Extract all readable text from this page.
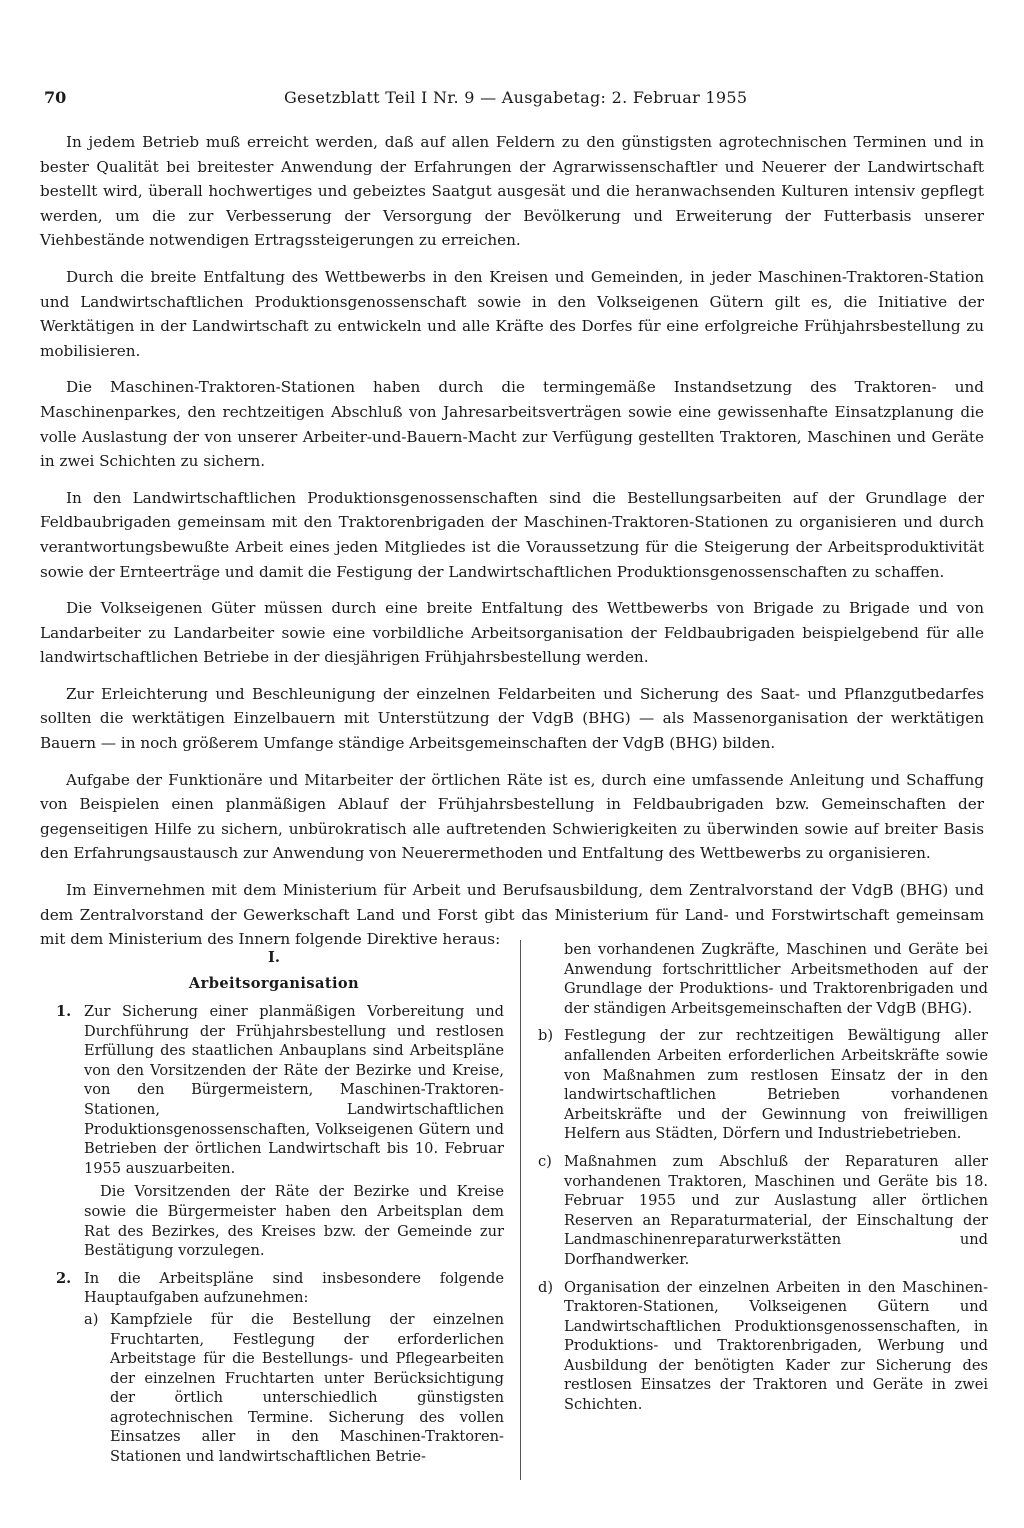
70	Gesetzblatt Teil I Nr. 9 — Ausgabetag: 2. Februar 1955

In jedem Betrieb muß erreicht werden, daß auf allen Feldern zu den günstigsten agrotechnischen Terminen und in bester Qualität bei breitester Anwendung der Erfahrungen der Agrarwissenschaftler und Neuerer der Landwirtschaft bestellt wird, überall hochwertiges und gebeiztes Saatgut ausgesät und die heranwachsenden Kulturen intensiv gepflegt werden, um die zur Verbesserung der Versorgung der Bevölkerung und Erweiterung der Futterbasis unserer Viehbestände notwendigen Ertragssteigerungen zu erreichen.

Durch die breite Entfaltung des Wettbewerbs in den Kreisen und Gemeinden, in jeder Maschinen-Traktoren-Station und Landwirtschaftlichen Produktionsgenossenschaft sowie in den Volkseigenen Gütern gilt es, die Initiative der Werktätigen in der Landwirtschaft zu entwickeln und alle Kräfte des Dorfes für eine erfolgreiche Frühjahrsbestellung zu mobilisieren.

Die Maschinen-Traktoren-Stationen haben durch die termingemäße Instandsetzung des Traktoren- und Maschinenparkes, den rechtzeitigen Abschluß von Jahresarbeitsverträgen sowie eine gewissenhafte Einsatzplanung die volle Auslastung der von unserer Arbeiter-und-Bauern-Macht zur Verfügung gestellten Traktoren, Maschinen und Geräte in zwei Schichten zu sichern.

In den Landwirtschaftlichen Produktionsgenossenschaften sind die Bestellungsarbeiten auf der Grundlage der Feldbaubrigaden gemeinsam mit den Traktorenbrigaden der Maschinen-Traktoren-Stationen zu organisieren und durch verantwortungsbewußte Arbeit eines jeden Mitgliedes ist die Voraussetzung für die Steigerung der Arbeitsproduktivität sowie der Ernteerträge und damit die Festigung der Landwirtschaftlichen Produktionsgenossenschaften zu schaffen.

Die Volkseigenen Güter müssen durch eine breite Entfaltung des Wettbewerbs von Brigade zu Brigade und von Landarbeiter zu Landarbeiter sowie eine vorbildliche Arbeitsorganisation der Feldbaubrigaden beispielgebend für alle landwirtschaftlichen Betriebe in der diesjährigen Frühjahrsbestellung werden.

Zur Erleichterung und Beschleunigung der einzelnen Feldarbeiten und Sicherung des Saat- und Pflanzgutbedarfes sollten die werktätigen Einzelbauern mit Unterstützung der VdgB (BHG) — als Massenorganisation der werktätigen Bauern — in noch größerem Umfange ständige Arbeitsgemeinschaften der VdgB (BHG) bilden.

Aufgabe der Funktionäre und Mitarbeiter der örtlichen Räte ist es, durch eine umfassende Anleitung und Schaffung von Beispielen einen planmäßigen Ablauf der Frühjahrsbestellung in Feldbaubrigaden bzw. Gemeinschaften der gegenseitigen Hilfe zu sichern, unbürokratisch alle auftretenden Schwierigkeiten zu überwinden sowie auf breiter Basis den Erfahrungsaustausch zur Anwendung von Neuerermethoden und Entfaltung des Wettbewerbs zu organisieren.

Im Einvernehmen mit dem Ministerium für Arbeit und Berufsausbildung, dem Zentralvorstand der VdgB (BHG) und dem Zentralvorstand der Gewerkschaft Land und Forst gibt das Ministerium für Land- und Forstwirtschaft gemeinsam mit dem Ministerium des Innern folgende Direktive heraus:

I.
Arbeitsorganisation
1. Zur Sicherung einer planmäßigen Vorbereitung und Durchführung der Frühjahrsbestellung und restlosen Erfüllung des staatlichen Anbauplans sind Arbeitspläne von den Vorsitzenden der Räte der Bezirke und Kreise, von den Bürgermeistern, Maschinen-Traktoren-Stationen, Landwirtschaftlichen Produktionsgenossenschaften, Volkseigenen Gütern und Betrieben der örtlichen Landwirtschaft bis 10. Februar 1955 auszuarbeiten.

Die Vorsitzenden der Räte der Bezirke und Kreise sowie die Bürgermeister haben den Arbeitsplan dem Rat des Bezirkes, des Kreises bzw. der Gemeinde zur Bestätigung vorzulegen.

2. In die Arbeitspläne sind insbesondere folgende Hauptaufgaben aufzunehmen:

a) Kampfziele für die Bestellung der einzelnen Fruchtarten, Festlegung der erforderlichen Arbeitstage für die Bestellungs- und Pflegearbeiten der einzelnen Fruchtarten unter Berücksichtigung der örtlich unterschiedlich günstigsten agrotechnischen Termine. Sicherung des vollen Einsatzes aller in den Maschinen-Traktoren-Stationen und landwirtschaftlichen Betrie-

ben vorhandenen Zugkräfte, Maschinen und Geräte bei Anwendung fortschrittlicher Arbeitsmethoden auf der Grundlage der Produktions- und Traktorenbrigaden und der ständigen Arbeitsgemeinschaften der VdgB (BHG).

b) Festlegung der zur rechtzeitigen Bewältigung aller anfallenden Arbeiten erforderlichen Arbeitskräfte sowie von Maßnahmen zum restlosen Einsatz der in den landwirtschaftlichen Betrieben vorhandenen Arbeitskräfte und der Gewinnung von freiwilligen Helfern aus Städten, Dörfern und Industriebetrieben.
c) Maßnahmen zum Abschluß der Reparaturen aller vorhandenen Traktoren, Maschinen und Geräte bis 18. Februar 1955 und zur Auslastung aller örtlichen Reserven an Reparaturmaterial, der Einschaltung der Landmaschinenreparaturwerkstätten und Dorfhandwerker.
d) Organisation der einzelnen Arbeiten in den Maschinen-Traktoren-Stationen, Volkseigenen Gütern und Landwirtschaftlichen Produktionsgenossenschaften, in Produktions- und Traktorenbrigaden, Werbung und Ausbildung der benötigten Kader zur Sicherung des restlosen Einsatzes der Traktoren und Geräte in zwei Schichten.
